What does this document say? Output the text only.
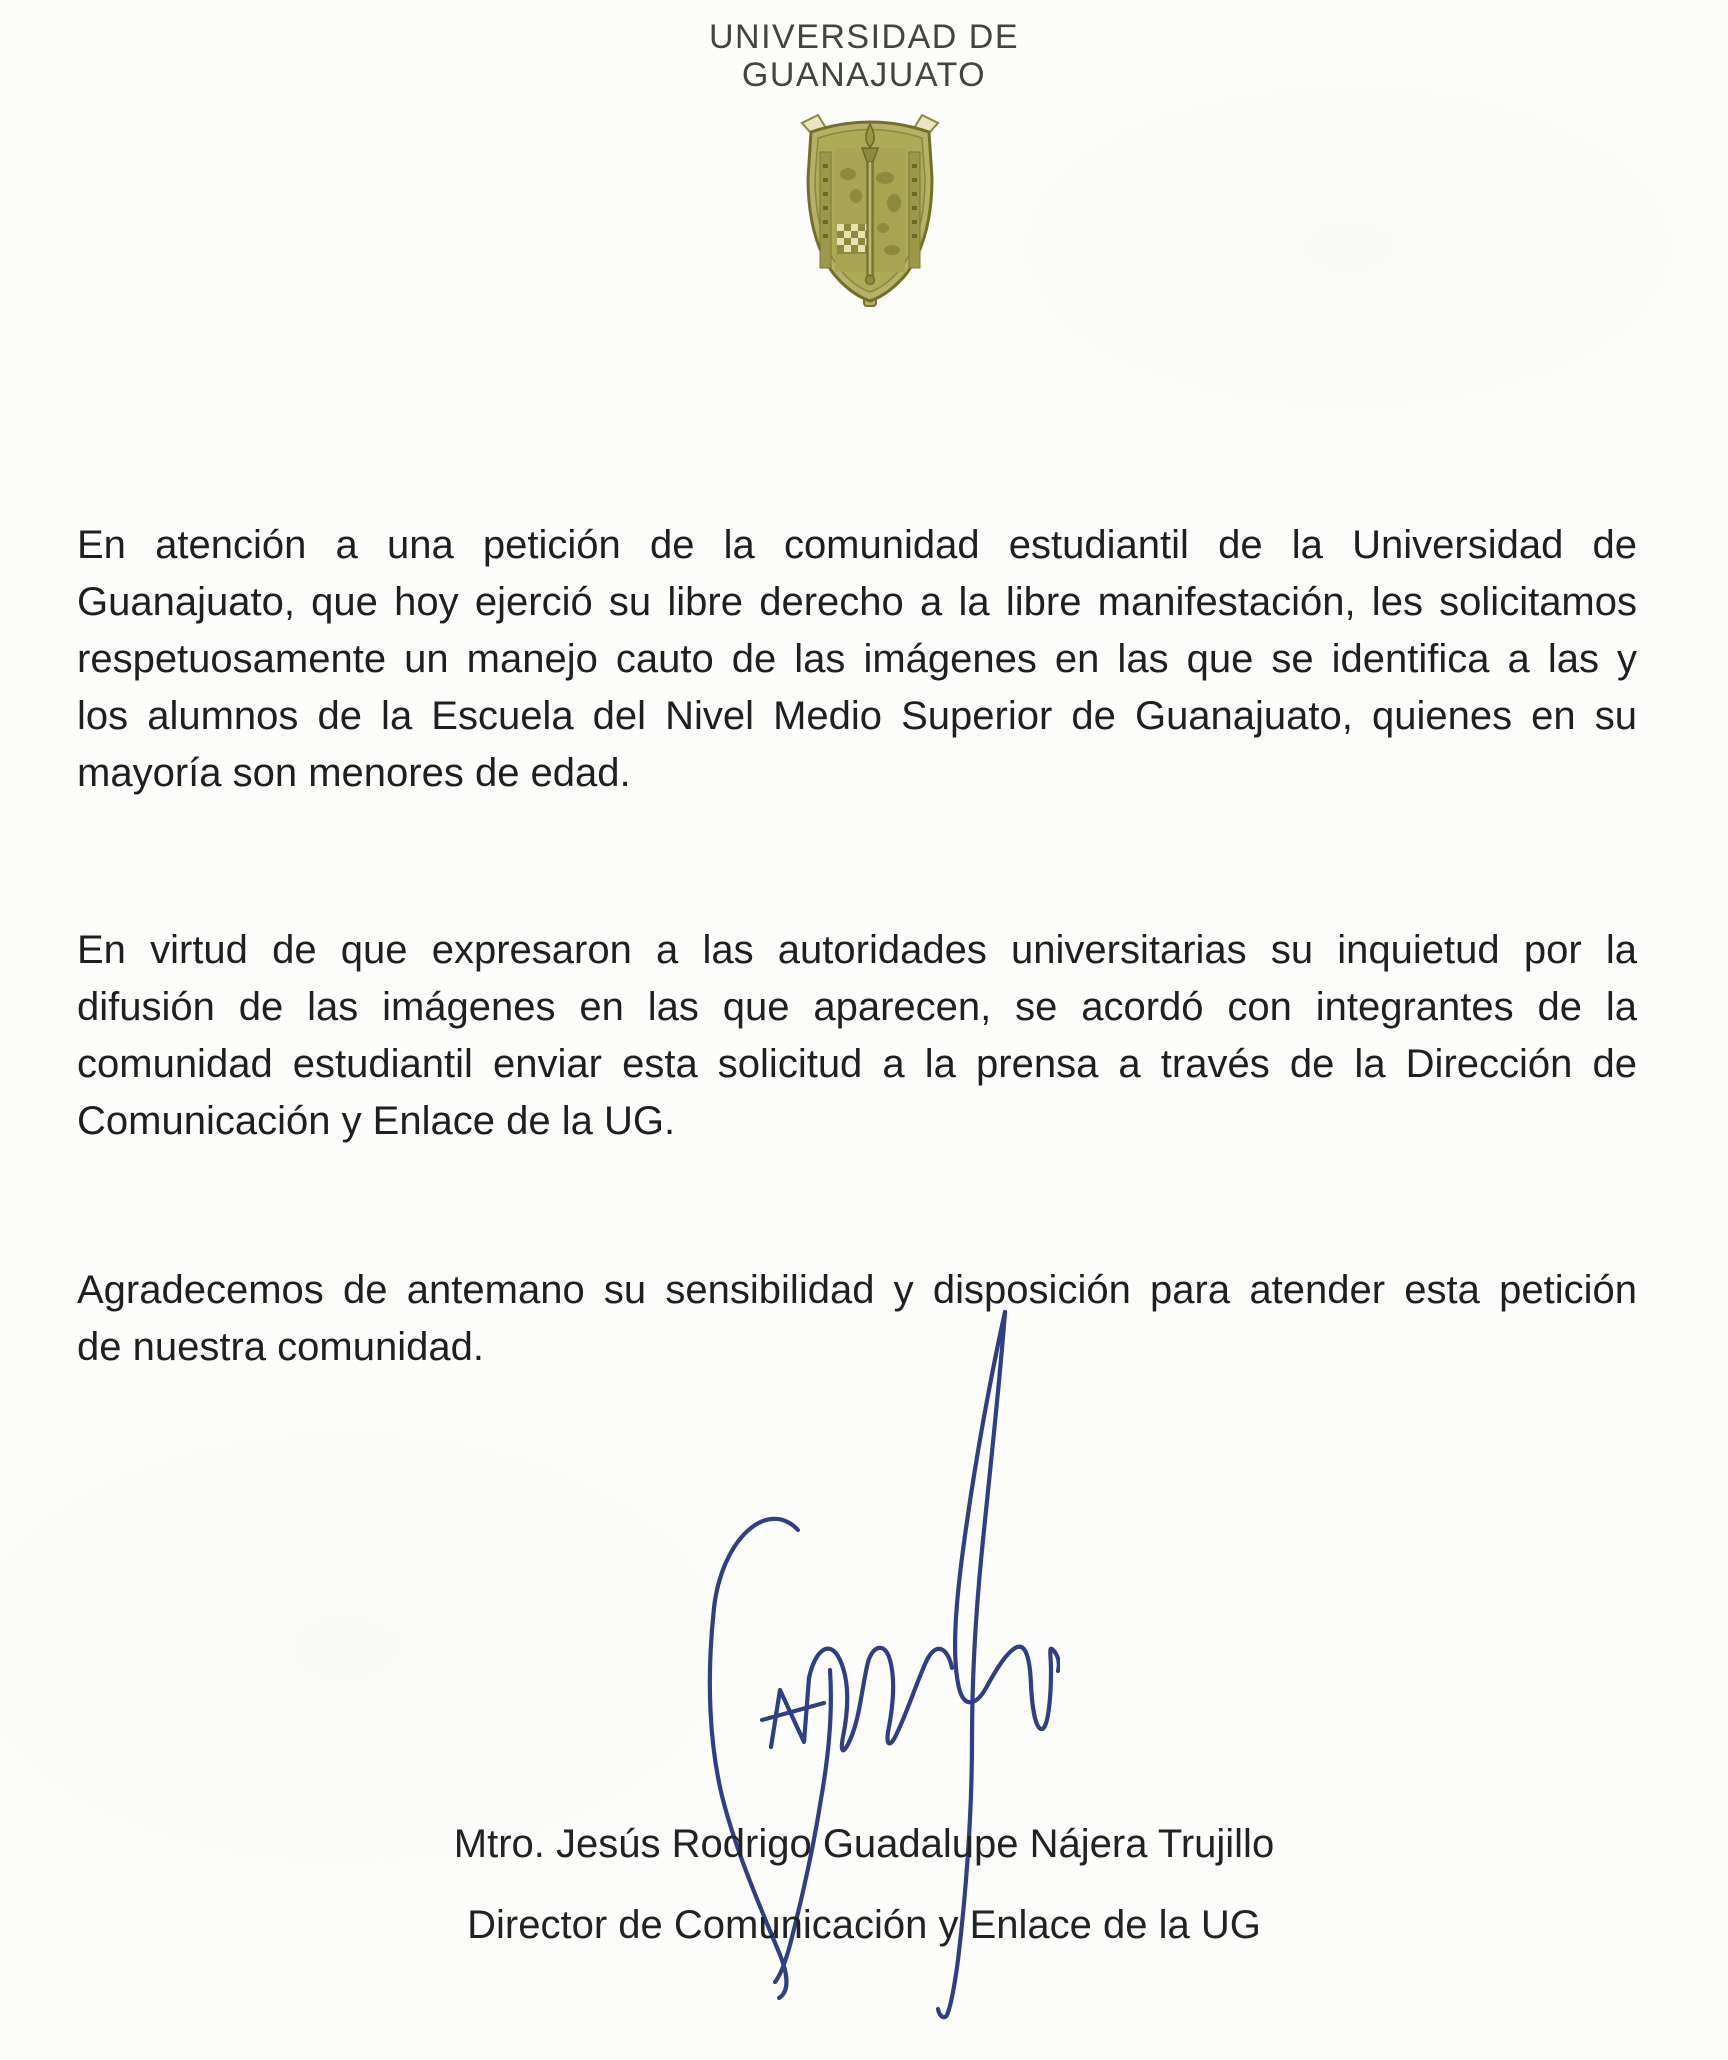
UNIVERSIDAD DE
GUANAJUATO
En atención a una petición de la comunidad estudiantil de la Universidad de
Guanajuato, que hoy ejerció su libre derecho a la libre manifestación, les solicitamos
respetuosamente un manejo cauto de las imágenes en las que se identifica a las y
los alumnos de la Escuela del Nivel Medio Superior de Guanajuato, quienes en su
mayoría son menores de edad.
En virtud de que expresaron a las autoridades universitarias su inquietud por la
difusión de las imágenes en las que aparecen, se acordó con integrantes de la
comunidad estudiantil enviar esta solicitud a la prensa a través de la Dirección de
Comunicación y Enlace de la UG.
Agradecemos de antemano su sensibilidad y disposición para atender esta petición
de nuestra comunidad.
Mtro. Jesús Rodrigo Guadalupe Nájera Trujillo
Director de Comunicación y Enlace de la UG
